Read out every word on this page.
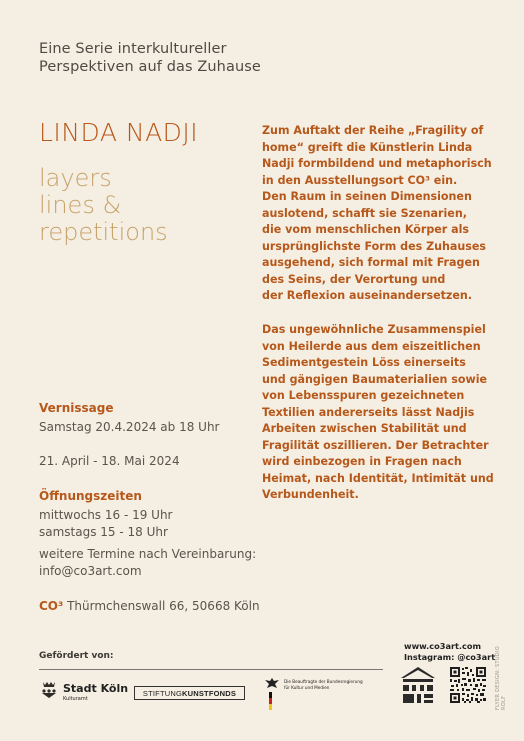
Eine Serie interkultureller
Perspektiven auf das Zuhause
LINDA NADJI
layers
lines &
repetitions
Vernissage
Samstag 20.4.2024 ab 18 Uhr
21. April - 18. Mai 2024
Öffnungszeiten
mittwochs 16 - 19 Uhr
samstags 15 - 18 Uhr
weitere Termine nach Vereinbarung:
info@co3art.com
CO³ Thürmchenswall 66, 50668 Köln
Zum Auftakt der Reihe „Fragility of
home“ greift die Künstlerin Linda
Nadji formbildend und metaphorisch
in den Ausstellungsort CO³ ein.
Den Raum in seinen Dimensionen
auslotend, schafft sie Szenarien,
die vom menschlichen Körper als
ursprünglichste Form des Zuhauses
ausgehend, sich formal mit Fragen
des Seins, der Verortung und
der Reflexion auseinandersetzen.
Das ungewöhnliche Zusammenspiel
von Heilerde aus dem eiszeitlichen
Sedimentgestein Löss einerseits
und gängigen Baumaterialien sowie
von Lebensspuren gezeichneten
Textilien andererseits lässt Nadjis
Arbeiten zwischen Stabilität und
Fragilität oszillieren. Der Betrachter
wird einbezogen in Fragen nach
Heimat, nach Identität, Intimität und
Verbundenheit.
Gefördert von:
Stadt Köln
Kulturamt
STIFTUNGKUNSTFONDS
Die Beauftragte der Bundesregierung
für Kultur und Medien
www.co3art.com
Instagram: @co3art FLYER DESIGN: STUDIO ROLF
